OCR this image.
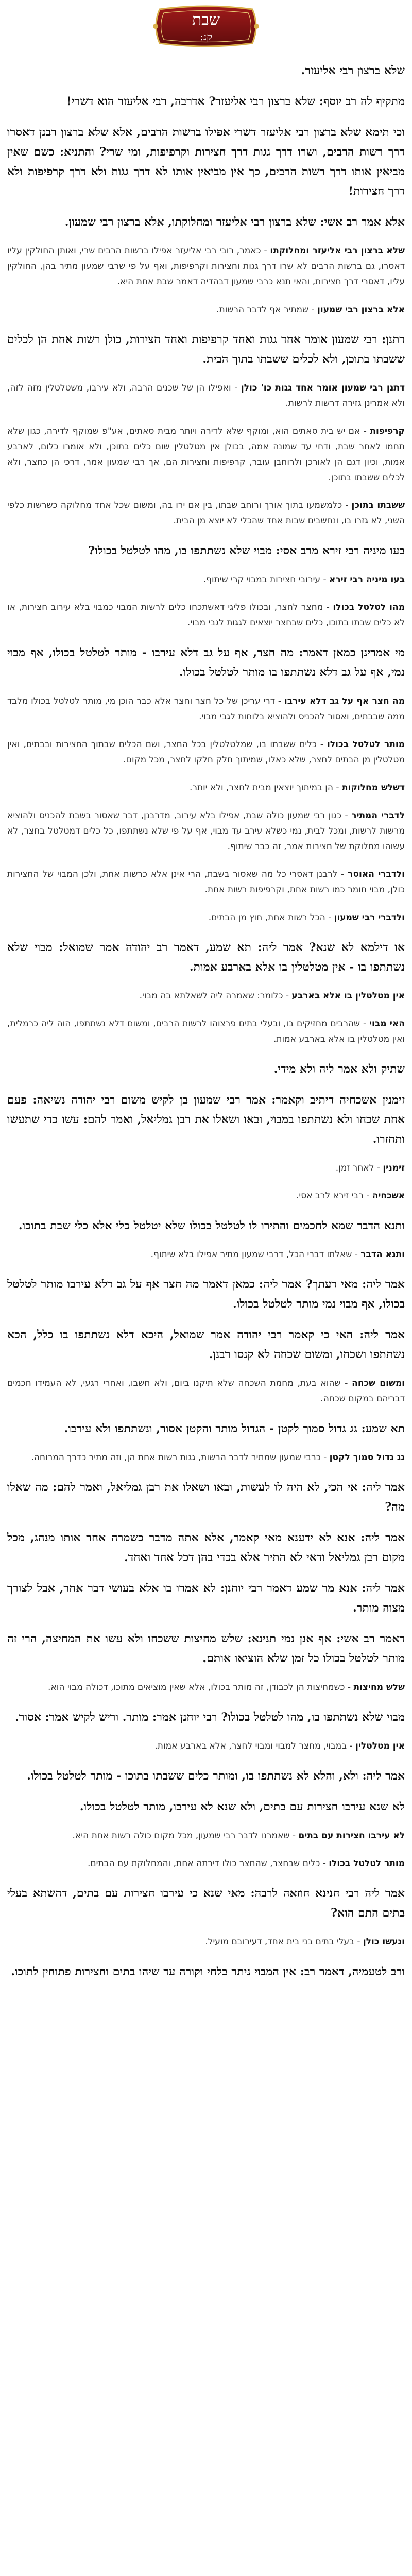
שבת
קנ:

שלא ברצון רבי אליעזר.

מתקיף לה רב יוסף: שלא ברצון רבי אליעזר? אדרבה, רבי אליעזר הוא דשרי!

וכי תימא שלא ברצון רבי אליעזר דשרי אפילו ברשות הרבים, אלא שלא ברצון רבנן דאסרו דרך רשות הרבים, ושרו דרך גגות דרך חצירות וקרפיפות, ומי שרי? והתניא: כשם שאין מביאין אותו דרך רשות הרבים, כך אין מביאין אותו לא דרך גגות ולא דרך קרפיפות ולא דרך חצירות!

אלא אמר רב אשי: שלא ברצון רבי אליעזר ומחלוקתו, אלא ברצון רבי שמעון.

שלא ברצון רבי אליעזר ומחלוקתו - כאמר, רובי רבי אליעזר אפילו ברשות הרבים שרי, ואותן החולקין עליו דאסרו, גם ברשות הרבים לא שרו דרך גגות וחצירות וקרפיפות, ואף על פי שרבי שמעון מתיר בהן, החולקין עליו, דאסרי דרך חצירות, והאי תנא כרבי שמעון דבהדיה דאמר שבת אחת היא.

אלא ברצון רבי שמעון - שמתיר אף לדבר הרשות.

דתנן: רבי שמעון אומר אחד גגות ואחד קרפיפות ואחד חצירות, כולן רשות אחת הן לכלים ששבתו בתוכן, ולא לכלים ששבתו בתוך הבית.

דתנן רבי שמעון אומר אחד גגות כו' כולן - ואפילו הן של שכנים הרבה, ולא עירבו, משטלטלין מזה לזה, ולא אמרינן גזירה דרשות לרשות.

קרפיפות - אם יש בית סאתים הוא, ומוקף שלא לדירה ויותר מבית סאתים, אע"פ שמוקף לדירה, כגון שלא תחמו לאחר שבת, ודחי עד שמונה אמה, בכולן אין מטלטלין שום כלים בתוכן, ולא אומרו כלום, לארבע אמות, וכיון דגם הן לאורכן ולרוחבן עובר, קרפיפות וחצירות הם, אך רבי שמעון אמר, דרכי הן כחצר, ולא לכלים ששבתו בתוכן.

ששבתו בתוכן - כלמשמעו בתוך אורך ורוחב שבתו, בין אם ירו בה, ומשום שכל אחד מחלוקה כשרשות כלפי השני, לא גזרו בו, ונחשבים שבות אחד שהכלי לא יוצא מן הבית.

בעו מיניה רבי זירא מרב אסי: מבוי שלא נשתתפו בו, מהו לטלטל בכולו?

בעו מיניה רבי זירא - עירובי חצירות במבוי קרי שיתוף.

מהו לטלטל בכולו - מחצר לחצר, ובכולו פליגי דאשתכחו כלים לרשות המבוי כמבוי בלא עירוב חצירות, או לא כלים שבתו בתוכו, כלים שבחצר יוצאים לגגות לגבי מבוי.

מי אמרינן כמאן דאמר: מה חצר, אף על גב דלא עירבו - מותר לטלטל בכולו, אף מבוי נמי, אף על גב דלא נשתתפו בו מותר לטלטל בכולו.

מה חצר אף על גב דלא עירבו - דרי עריכן של כל חצר וחצר אלא כבר הוכן מי, מותר לטלטל בכולו מלבד ממה שבבתים, ואסור להכניס ולהוציא בלוחות לגבי מבוי.

מותר לטלטל בכולו - כלים ששבתו בו, שמלטלטלין בכל החצר, ושם הכלים שבתוך החצירות ובבתים, ואין מטלטלין מן הבתים לחצר, שלא כאלו, שמיתוך חלק חלקו לחצר, מכל מקום.

דשלש מחלוקות - הן במיתוך יוצאין מבית לחצר, ולא יותר.

לדברי המתיר - כגון רבי שמעון כולה שבת, אפילו בלא עירוב, מדרבנן, דבר שאסור בשבת להכניס ולהוציא מרשות לרשות, ומכל לבית, נמי כשלא עירב עד מבוי, אף על פי שלא נשתתפו, כל כלים דמטלטל בחצר, לא עשוהו מחלוקת של חצירות אמר, זה כבר שיתוף.

ולדברי האוסר - לרבנן דאסרי כל מה שאסור בשבת, הרי אינן אלא כרשות אחת, ולכן המבוי של החצירות כולן, מבוי חומר כמו רשות אחת, וקרפיפות רשות אחת.

ולדברי רבי שמעון - הכל רשות אחת, חוץ מן הבתים.

או דילמא לא שנא? אמר ליה: תא שמע, דאמר רב יהודה אמר שמואל: מבוי שלא נשתתפו בו - אין מטלטלין בו אלא בארבע אמות.

אין מטלטלין בו אלא בארבע - כלומר: שאמרה ליה לשאלתא בה מבוי.

האי מבוי - שהרבים מחזיקים בו, ובעלי בתים פרצוהו לרשות הרבים, ומשום דלא נשתתפו, הוה ליה כרמלית, ואין מטלטלין בו אלא בארבע אמות.

שתיק ולא אמר ליה ולא מידי.

זימנין אשכחיה דיתיב וקאמר: אמר רבי שמעון בן לקיש משום רבי יהודה נשיאה: פעם אחת שכחו ולא נשתתפו במבוי, ובאו ושאלו את רבן גמליאל, ואמר להם: עשו כדי שתעשו ותחזרו.

זימנין - לאחר זמן.

אשכחיה - רבי זירא לרב אסי.

ותנא הדבר שמא לחכמים והתירו לו לטלטל בכולו שלא יטלטל כלי אלא כלי שבת בתוכו.

ותנא הדבר - שאלתו דברי הכל, דרבי שמעון מתיר אפילו בלא שיתוף.

אמר ליה: מאי דעתך? אמר ליה: כמאן דאמר מה חצר אף על גב דלא עירבו מותר לטלטל בכולו, אף מבוי נמי מותר לטלטל בכולו.

אמר ליה: האי כי קאמר רבי יהודה אמר שמואל, היכא דלא נשתתפו בו כלל, הכא נשתתפו ושכחו, ומשום שכחה לא קנסו רבנן.

ומשום שכחה - שהוא בעת, מחמת השכחה שלא תיקנו ביום, ולא חשבו, ואחרי רגעי, לא העמידו חכמים דבריהם במקום שכחה.

תא שמע: גג גדול סמוך לקטן - הגדול מותר והקטן אסור, ונשתתפו ולא עירבו.

גג גדול סמוך לקטן - כרבי שמעון שמתיר לדבר הרשות, גגות רשות אחת הן, וזה מתיר כדרך המרוחה.

אמר ליה: אי הכי, לא היה לו לעשות, ובאו ושאלו את רבן גמליאל, ואמר להם: מה שאלו מה?

אמר ליה: אנא לא ידענא מאי קאמר, אלא אתה מדבר כשמרה אחר אותו מנהג, מכל מקום רבן גמליאל ודאי לא התיר אלא בכדי בהן דכל אחד ואחד.

אמר ליה: אנא מר שמע דאמר רבי יוחנן: לא אמרו בו אלא בעושי דבר אחר, אבל לצורך מצוה מותר.

דאמר רב אשי: אף אנן נמי תנינא: שלש מחיצות ששכחו ולא עשו את המחיצה, הרי זה מותר לטלטל בכולו כל זמן שלא הוציאו אותם.

שלש מחיצות - כשמחיצות הן לכבודן, זה מותר בכולו, אלא שאין מוציאים מתוכו, דכולה מבוי הוא.

מבוי שלא נשתתפו בו, מהו לטלטל בכולו? רבי יוחנן אמר: מותר. וריש לקיש אמר: אסור.

אין מטלטלין - במבוי, מחצר למבוי ומבוי לחצר, אלא בארבע אמות.

אמר ליה: ולא, והלא לא נשתתפו בו, ומותר כלים ששבתו בתוכו - מותר לטלטל בכולו.

לא שנא עירבו חצירות עם בתים, ולא שנא לא עירבו, מותר לטלטל בכולו.

לא עירבו חצירות עם בתים - שאמרנו לדבר רבי שמעון, מכל מקום כולה רשות אחת היא.

מותר לטלטל בכולו - כלים שבחצר, שהחצר כולו דירתה אחת, והמחלוקת עם הבתים.

אמר ליה רבי חנינא חוזאה לרבה: מאי שנא כי עירבו חצירות עם בתים, דהשתא בעלי בתים התם הוא?

ונעשו כולן - בעלי בתים בני בית אחד, דעירובם מועיל.

ורב לטעמיה, דאמר רב: אין המבוי ניתר בלחי וקורה עד שיהו בתים וחצירות פתוחין לתוכו.
